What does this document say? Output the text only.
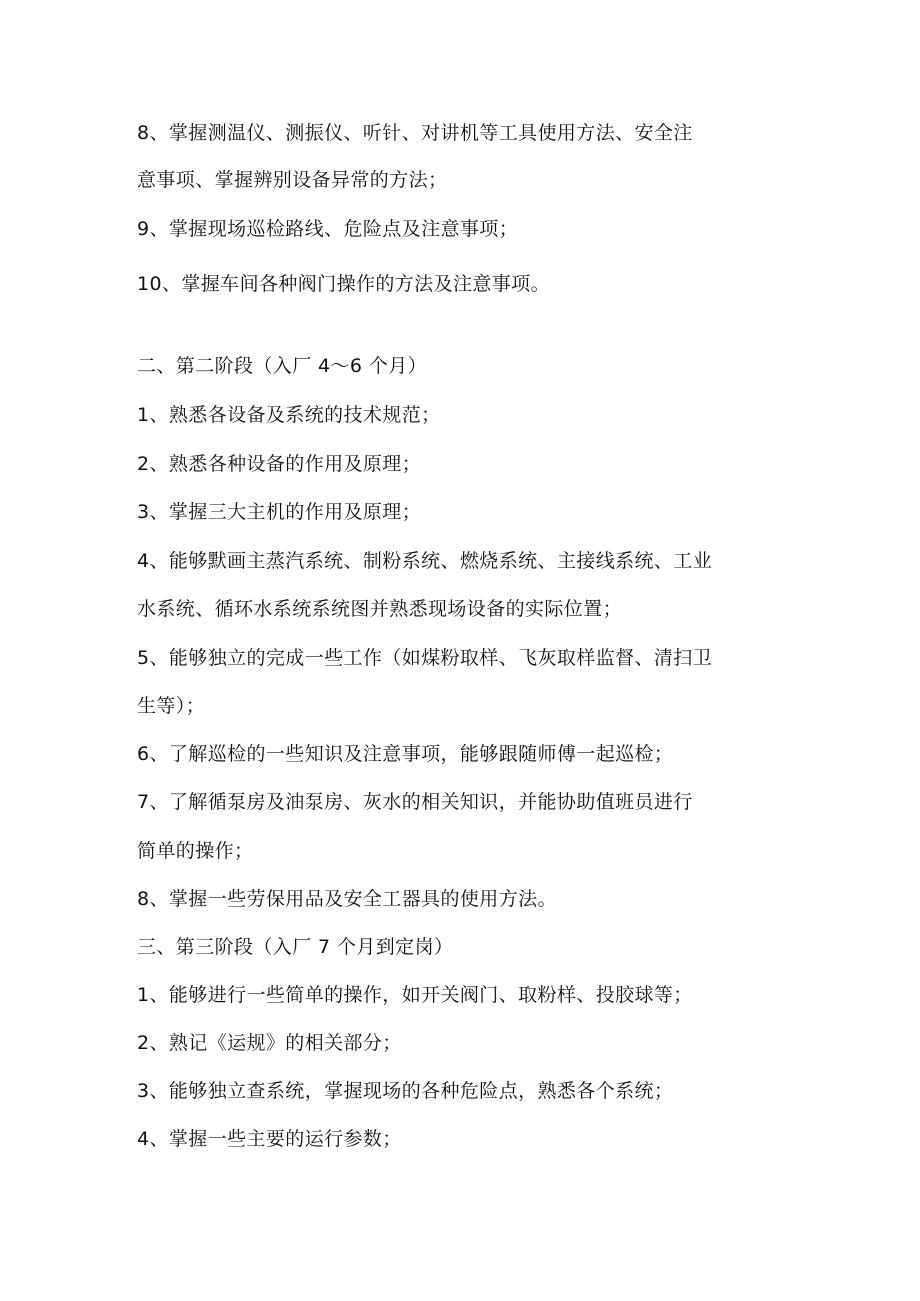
8、掌握测温仪、测振仪、听针、对讲机等工具使用方法、安全注
意事项、掌握辨别设备异常的方法；
9、掌握现场巡检路线、危险点及注意事项；
10、掌握车间各种阀门操作的方法及注意事项。
二、第二阶段（入厂 4～6 个月）
1、熟悉各设备及系统的技术规范；
2、熟悉各种设备的作用及原理；
3、掌握三大主机的作用及原理；
4、能够默画主蒸汽系统、制粉系统、燃烧系统、主接线系统、工业
水系统、循环水系统系统图并熟悉现场设备的实际位置；
5、能够独立的完成一些工作（如煤粉取样、飞灰取样监督、清扫卫
生等）；
6、了解巡检的一些知识及注意事项，能够跟随师傅一起巡检；
7、了解循泵房及油泵房、灰水的相关知识，并能协助值班员进行
简单的操作；
8、掌握一些劳保用品及安全工器具的使用方法。
三、第三阶段（入厂 7 个月到定岗）
1、能够进行一些简单的操作，如开关阀门、取粉样、投胶球等；
2、熟记《运规》的相关部分；
3、能够独立查系统，掌握现场的各种危险点，熟悉各个系统；
4、掌握一些主要的运行参数；
